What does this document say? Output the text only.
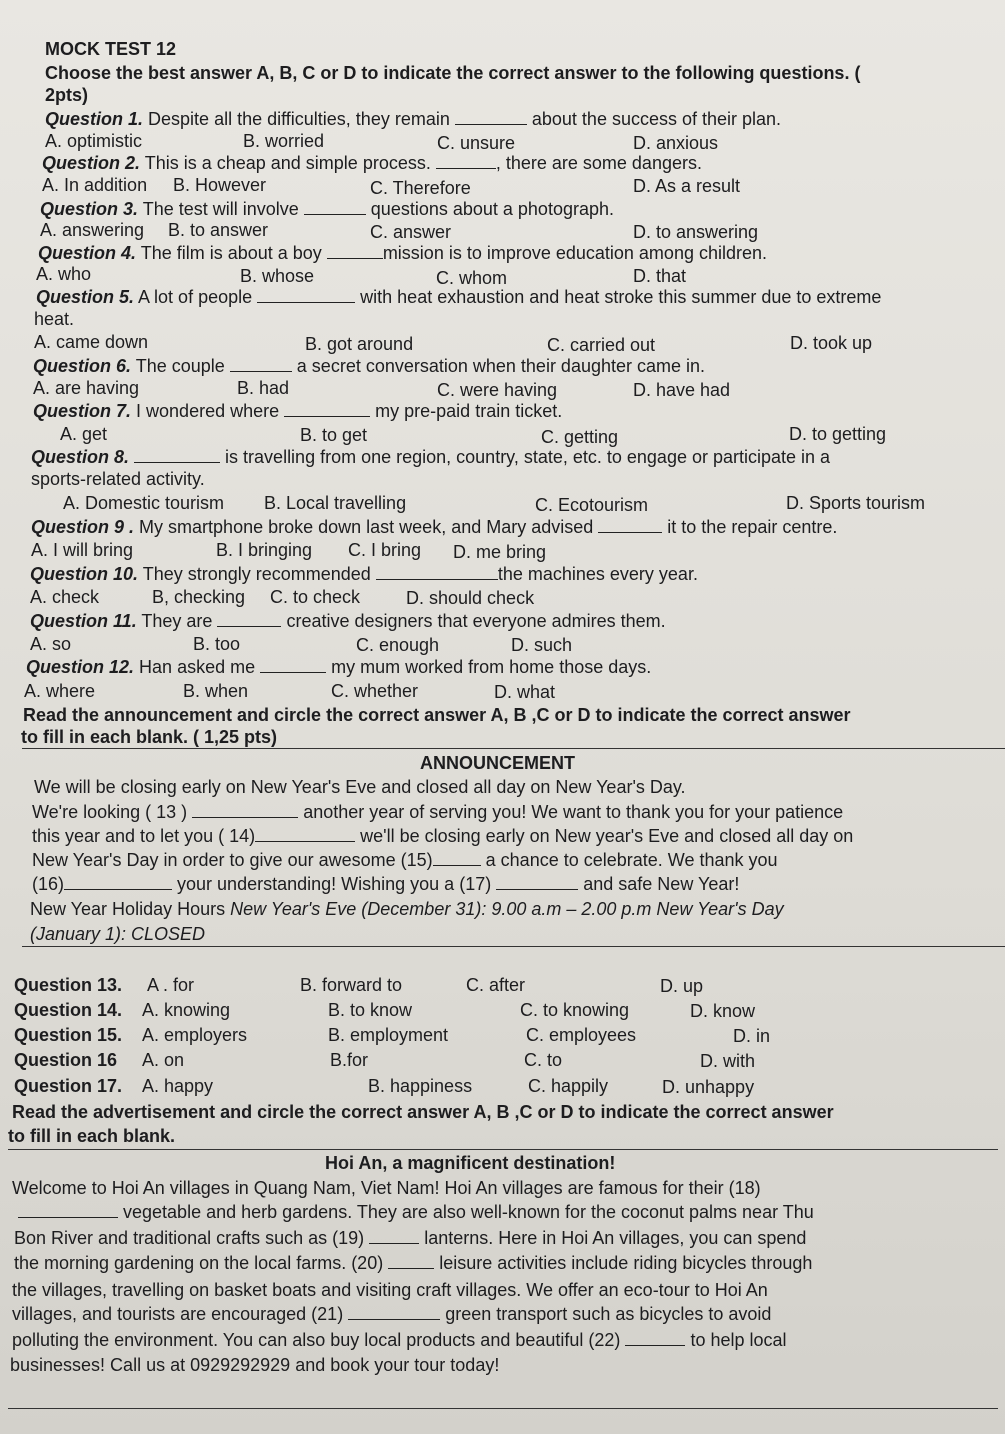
MOCK TEST 12
Choose the best answer A, B, C or D to indicate the correct answer to the following questions. (
2pts)
Question 1. Despite all the difficulties, they remain	about the success of their plan.
A. optimistic	B. worried	C. unsure	D. anxious
Question 2. This is a cheap and simple process.	, there are some dangers.
A. In addition B. However	C. Therefore	D. As a result
Question 3. The test will involve	questions about a photograph.
A. answering B. to answer	C. answer	D. to answering
Question 4. The film is about a boy	mission is to improve education among children.
A. who	B. whose	C. whom	D. that
Question 5. A lot of people	with heat exhaustion and heat stroke this summer due to extreme
heat.
A. came down	B. got around	C. carried out	D. took up
Question 6. The couple	a secret conversation when their daughter came in.
A. are having	B. had	C. were having	D. have had
Question 7. I wondered where	my pre-paid train ticket.
A. get	B. to get	C. getting	D. to getting
Question 8.	is travelling from one region, country, state, etc. to engage or participate in a
sports-related activity.
A. Domestic tourism B. Local travelling	C. Ecotourism	D. Sports tourism
Question 9 . My smartphone broke down last week, and Mary advised	it to the repair centre.
A. I will bring	B. I bringing C. I bring D. me bring
Question 10. They strongly recommended	the machines every year.
A. check	B, checking C. to check	D. should check
Question 11. They are	creative designers that everyone admires them.
A. so	B. too	C. enough	D. such
Question 12. Han asked me	my mum worked from home those days.
A. where	B. when	C. whether	D. what
Read the announcement and circle the correct answer A, B ,C or D to indicate the correct answer
to fill in each blank. ( 1,25 pts)
ANNOUNCEMENT
We will be closing early on New Year's Eve and closed all day on New Year's Day.
We're looking ( 13 )	another year of serving you! We want to thank you for your patience
this year and to let you ( 14)	we'll be closing early on New year's Eve and closed all day on
New Year's Day in order to give our awesome (15)	a chance to celebrate. We thank you
(16)	your understanding! Wishing you a (17)	and safe New Year!
New Year Holiday Hours New Year's Eve (December 31): 9.00 a.m – 2.00 p.m New Year's Day
(January 1): CLOSED
Question 13. A . for	B. forward to	C. after	D. up
Question 14. A. knowing	B. to know	C. to knowing	D. know
Question 15. A. employers	B. employment	C. employees	D. in
Question 16 A. on	B.for	C. to	D. with
Question 17. A. happy	B. happiness	C. happily	D. unhappy
Read the advertisement and circle the correct answer A, B ,C or D to indicate the correct answer
to fill in each blank.
Hoi An, a magnificent destination!
Welcome to Hoi An villages in Quang Nam, Viet Nam! Hoi An villages are famous for their (18)
vegetable and herb gardens. They are also well-known for the coconut palms near Thu
Bon River and traditional crafts such as (19)	lanterns. Here in Hoi An villages, you can spend
the morning gardening on the local farms. (20)	leisure activities include riding bicycles through
the villages, travelling on basket boats and visiting craft villages. We offer an eco-tour to Hoi An
villages, and tourists are encouraged (21)	green transport such as bicycles to avoid
polluting the environment. You can also buy local products and beautiful (22)	to help local
businesses! Call us at 0929292929 and book your tour today!
